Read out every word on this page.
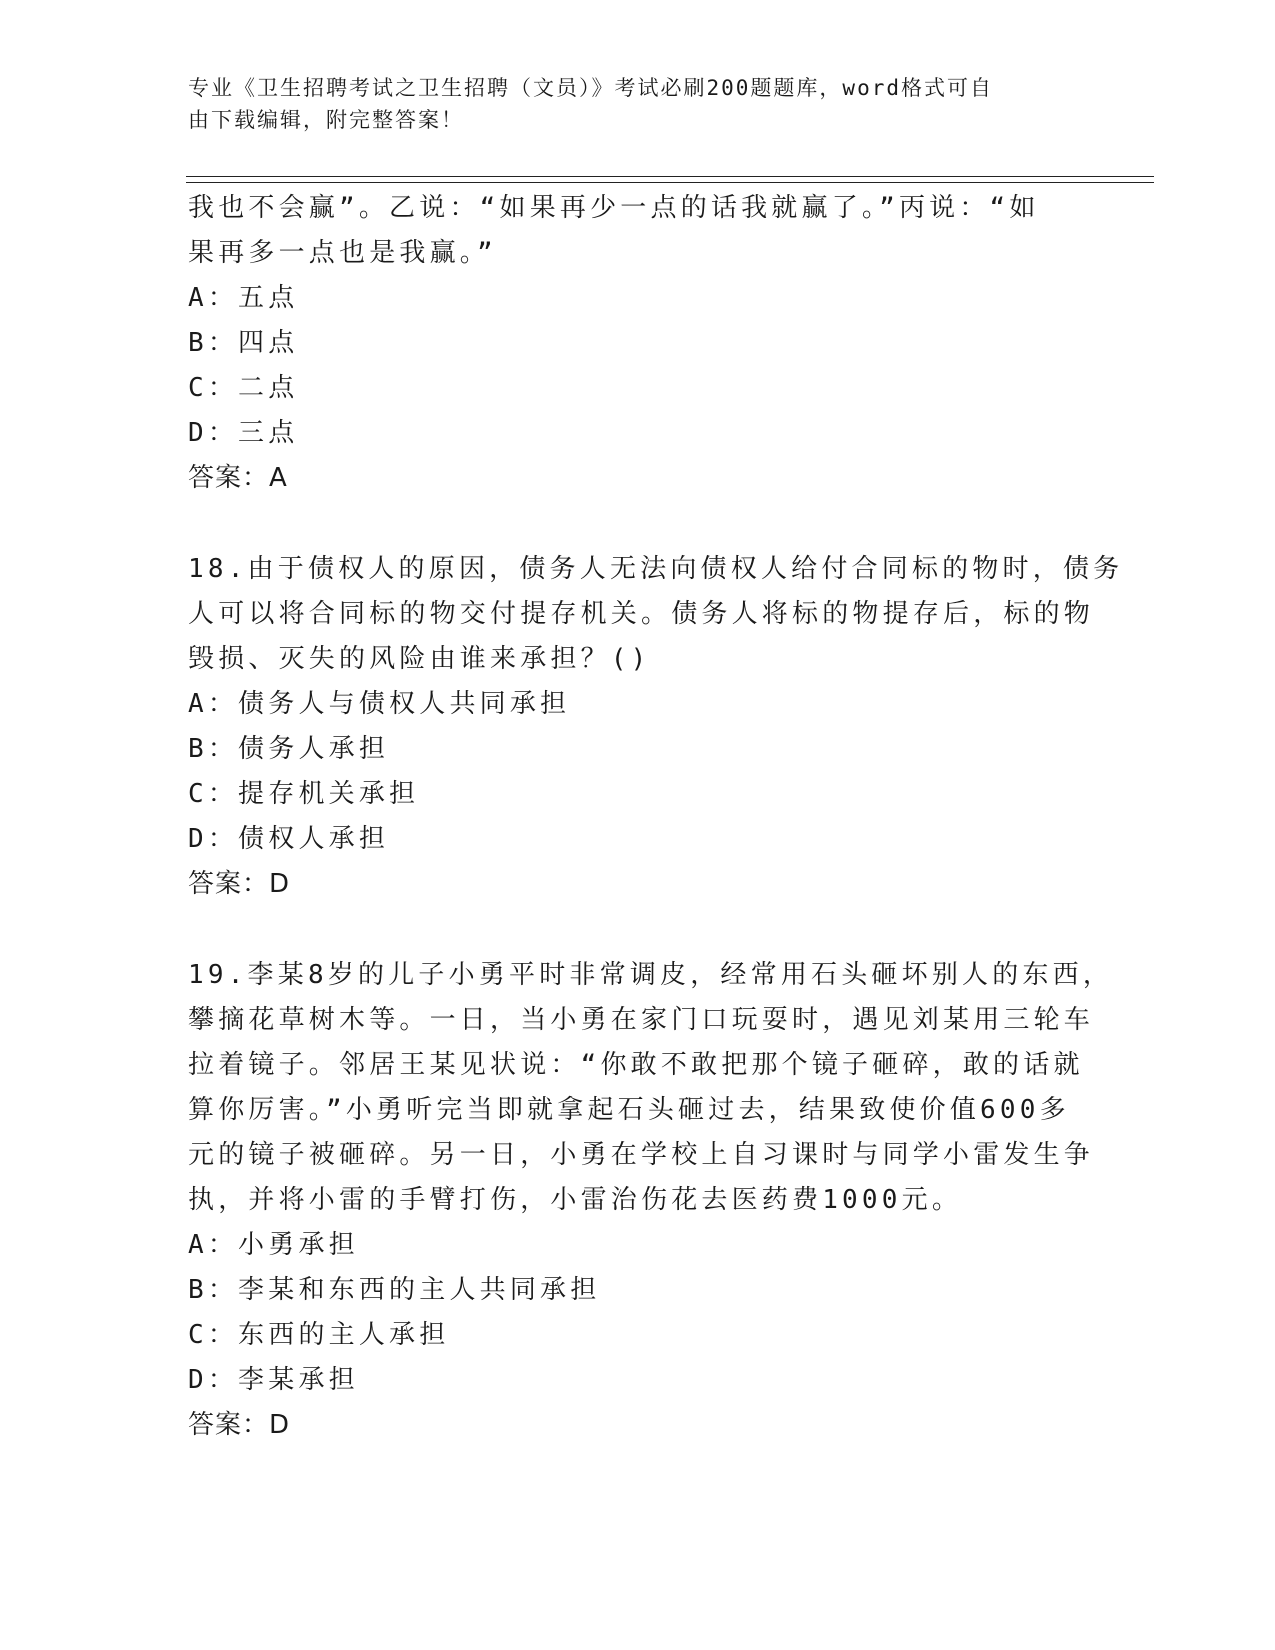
专业《卫生招聘考试之卫生招聘（文员）》考试必刷200题题库，word格式可自
由下载编辑，附完整答案！
我也不会赢”。乙说：“如果再少一点的话我就赢了。”丙说：“如
果再多一点也是我赢。”
A：五点
B：四点
C：二点
D：三点
答案：A
18.由于债权人的原因，债务人无法向债权人给付合同标的物时，债务
人可以将合同标的物交付提存机关。债务人将标的物提存后，标的物
毁损、灭失的风险由谁来承担？()
A：债务人与债权人共同承担
B：债务人承担
C：提存机关承担
D：债权人承担
答案：D
19.李某8岁的儿子小勇平时非常调皮，经常用石头砸坏别人的东西，
攀摘花草树木等。一日，当小勇在家门口玩耍时，遇见刘某用三轮车
拉着镜子。邻居王某见状说：“你敢不敢把那个镜子砸碎，敢的话就
算你厉害。”小勇听完当即就拿起石头砸过去，结果致使价值600多
元的镜子被砸碎。另一日，小勇在学校上自习课时与同学小雷发生争
执，并将小雷的手臂打伤，小雷治伤花去医药费1000元。
A：小勇承担
B：李某和东西的主人共同承担
C：东西的主人承担
D：李某承担
答案：D
